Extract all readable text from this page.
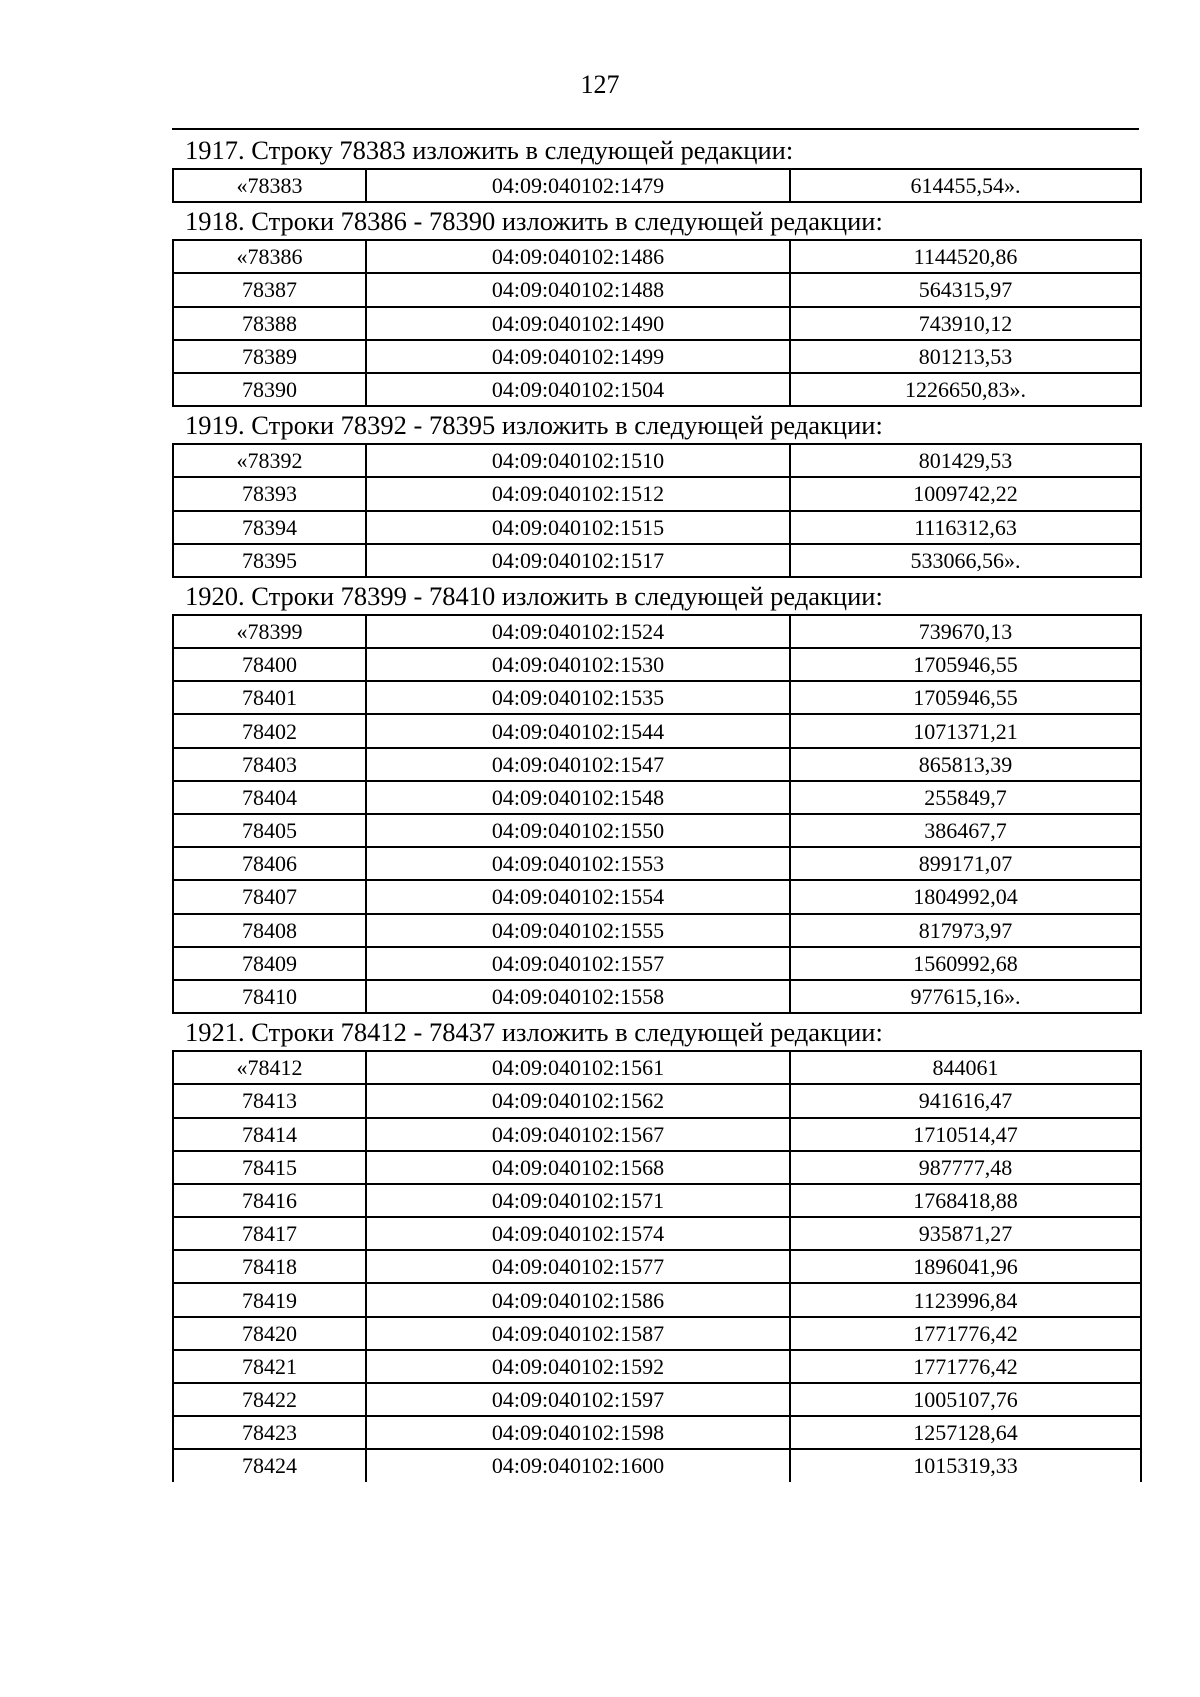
127
1917. Строку 78383 изложить в следующей редакции:
«78383	04:09:040102:1479	614455,54».
1918. Строки 78386 - 78390 изложить в следующей редакции:
«78386	04:09:040102:1486	1144520,86
78387	04:09:040102:1488	564315,97
78388	04:09:040102:1490	743910,12
78389	04:09:040102:1499	801213,53
78390	04:09:040102:1504	1226650,83».
1919. Строки 78392 - 78395 изложить в следующей редакции:
«78392	04:09:040102:1510	801429,53
78393	04:09:040102:1512	1009742,22
78394	04:09:040102:1515	1116312,63
78395	04:09:040102:1517	533066,56».
1920. Строки 78399 - 78410 изложить в следующей редакции:
«78399	04:09:040102:1524	739670,13
78400	04:09:040102:1530	1705946,55
78401	04:09:040102:1535	1705946,55
78402	04:09:040102:1544	1071371,21
78403	04:09:040102:1547	865813,39
78404	04:09:040102:1548	255849,7
78405	04:09:040102:1550	386467,7
78406	04:09:040102:1553	899171,07
78407	04:09:040102:1554	1804992,04
78408	04:09:040102:1555	817973,97
78409	04:09:040102:1557	1560992,68
78410	04:09:040102:1558	977615,16».
1921. Строки 78412 - 78437 изложить в следующей редакции:
«78412	04:09:040102:1561	844061
78413	04:09:040102:1562	941616,47
78414	04:09:040102:1567	1710514,47
78415	04:09:040102:1568	987777,48
78416	04:09:040102:1571	1768418,88
78417	04:09:040102:1574	935871,27
78418	04:09:040102:1577	1896041,96
78419	04:09:040102:1586	1123996,84
78420	04:09:040102:1587	1771776,42
78421	04:09:040102:1592	1771776,42
78422	04:09:040102:1597	1005107,76
78423	04:09:040102:1598	1257128,64
78424	04:09:040102:1600	1015319,33
